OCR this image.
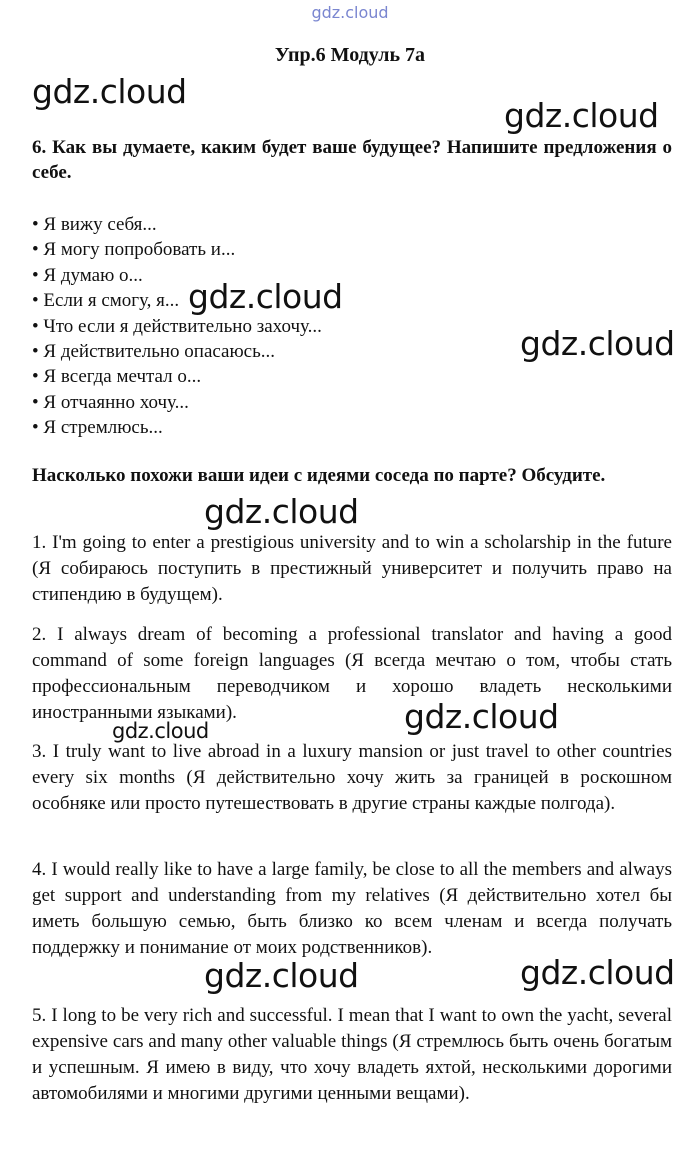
gdz.cloud
Упр.6 Модуль 7а
6. Как вы думаете, каким будет ваше будущее? Напишите предложения о себе.
• Я вижу себя...
• Я могу попробовать и...
• Я думаю о...
• Если я смогу, я...
• Что если я действительно захочу...
• Я действительно опасаюсь...
• Я всегда мечтал о...
• Я отчаянно хочу...
• Я стремлюсь...
Насколько похожи ваши идеи с идеями соседа по парте? Обсудите.

1. I'm going to enter a prestigious university and to win a scholarship in the future (Я собираюсь поступить в престижный университет и получить право на стипендию в будущем).

2. I always dream of becoming a professional translator and having a good command of some foreign languages (Я всегда мечтаю о том, чтобы стать профессиональным переводчиком и хорошо владеть несколькими иностранными языками).

3. I truly want to live abroad in a luxury mansion or just travel to other countries every six months (Я действительно хочу жить за границей в роскошном особняке или просто путешествовать в другие страны каждые полгода).

4. I would really like to have a large family, be close to all the members and always get support and understanding from my relatives (Я действительно хотел бы иметь большую семью, быть близко ко всем членам и всегда получать поддержку и понимание от моих родственников).

5. I long to be very rich and successful. I mean that I want to own the yacht, several expensive cars and many other valuable things (Я стремлюсь быть очень богатым и успешным. Я имею в виду, что хочу владеть яхтой, несколькими дорогими автомобилями и многими другими ценными вещами).

gdz.cloud
gdz.cloud
gdz.cloud
gdz.cloud
gdz.cloud
gdz.cloud
gdz.cloud
gdz.cloud	gdz.cloud
